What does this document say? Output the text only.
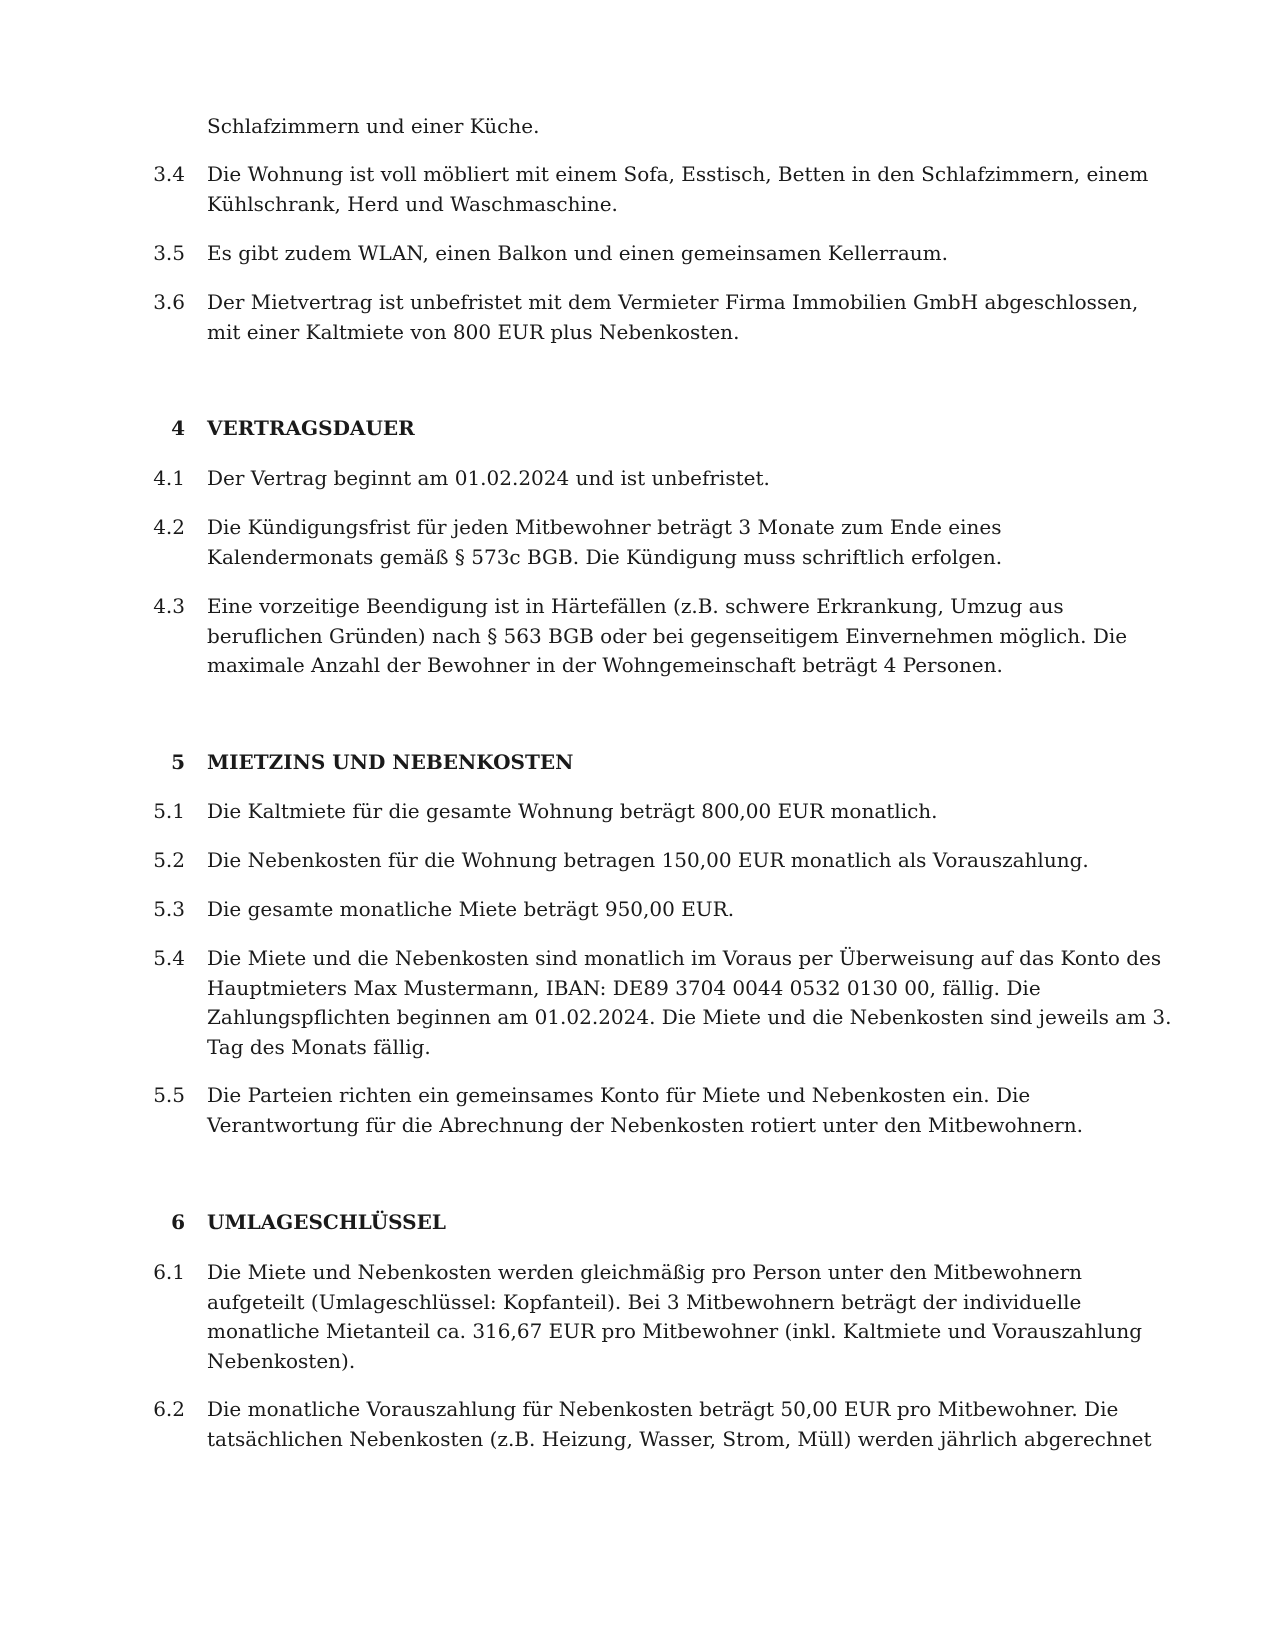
Schlafzimmern und einer Küche.
3.4 Die Wohnung ist voll möbliert mit einem Sofa, Esstisch, Betten in den Schlafzimmern, einem
Kühlschrank, Herd und Waschmaschine.
3.5 Es gibt zudem WLAN, einen Balkon und einen gemeinsamen Kellerraum.
3.6 Der Mietvertrag ist unbefristet mit dem Vermieter Firma Immobilien GmbH abgeschlossen,
mit einer Kaltmiete von 800 EUR plus Nebenkosten.
4 VERTRAGSDAUER
4.1 Der Vertrag beginnt am 01.02.2024 und ist unbefristet.
4.2 Die Kündigungsfrist für jeden Mitbewohner beträgt 3 Monate zum Ende eines
Kalendermonats gemäß § 573c BGB. Die Kündigung muss schriftlich erfolgen.
4.3 Eine vorzeitige Beendigung ist in Härtefällen (z.B. schwere Erkrankung, Umzug aus
beruflichen Gründen) nach § 563 BGB oder bei gegenseitigem Einvernehmen möglich. Die
maximale Anzahl der Bewohner in der Wohngemeinschaft beträgt 4 Personen.
5 MIETZINS UND NEBENKOSTEN
5.1 Die Kaltmiete für die gesamte Wohnung beträgt 800,00 EUR monatlich.
5.2 Die Nebenkosten für die Wohnung betragen 150,00 EUR monatlich als Vorauszahlung.
5.3 Die gesamte monatliche Miete beträgt 950,00 EUR.
5.4 Die Miete und die Nebenkosten sind monatlich im Voraus per Überweisung auf das Konto des
Hauptmieters Max Mustermann, IBAN: DE89 3704 0044 0532 0130 00, fällig. Die
Zahlungspflichten beginnen am 01.02.2024. Die Miete und die Nebenkosten sind jeweils am 3.
Tag des Monats fällig.
5.5 Die Parteien richten ein gemeinsames Konto für Miete und Nebenkosten ein. Die
Verantwortung für die Abrechnung der Nebenkosten rotiert unter den Mitbewohnern.
6 UMLAGESCHLÜSSEL
6.1 Die Miete und Nebenkosten werden gleichmäßig pro Person unter den Mitbewohnern
aufgeteilt (Umlageschlüssel: Kopfanteil). Bei 3 Mitbewohnern beträgt der individuelle
monatliche Mietanteil ca. 316,67 EUR pro Mitbewohner (inkl. Kaltmiete und Vorauszahlung
Nebenkosten).
6.2 Die monatliche Vorauszahlung für Nebenkosten beträgt 50,00 EUR pro Mitbewohner. Die
tatsächlichen Nebenkosten (z.B. Heizung, Wasser, Strom, Müll) werden jährlich abgerechnet
